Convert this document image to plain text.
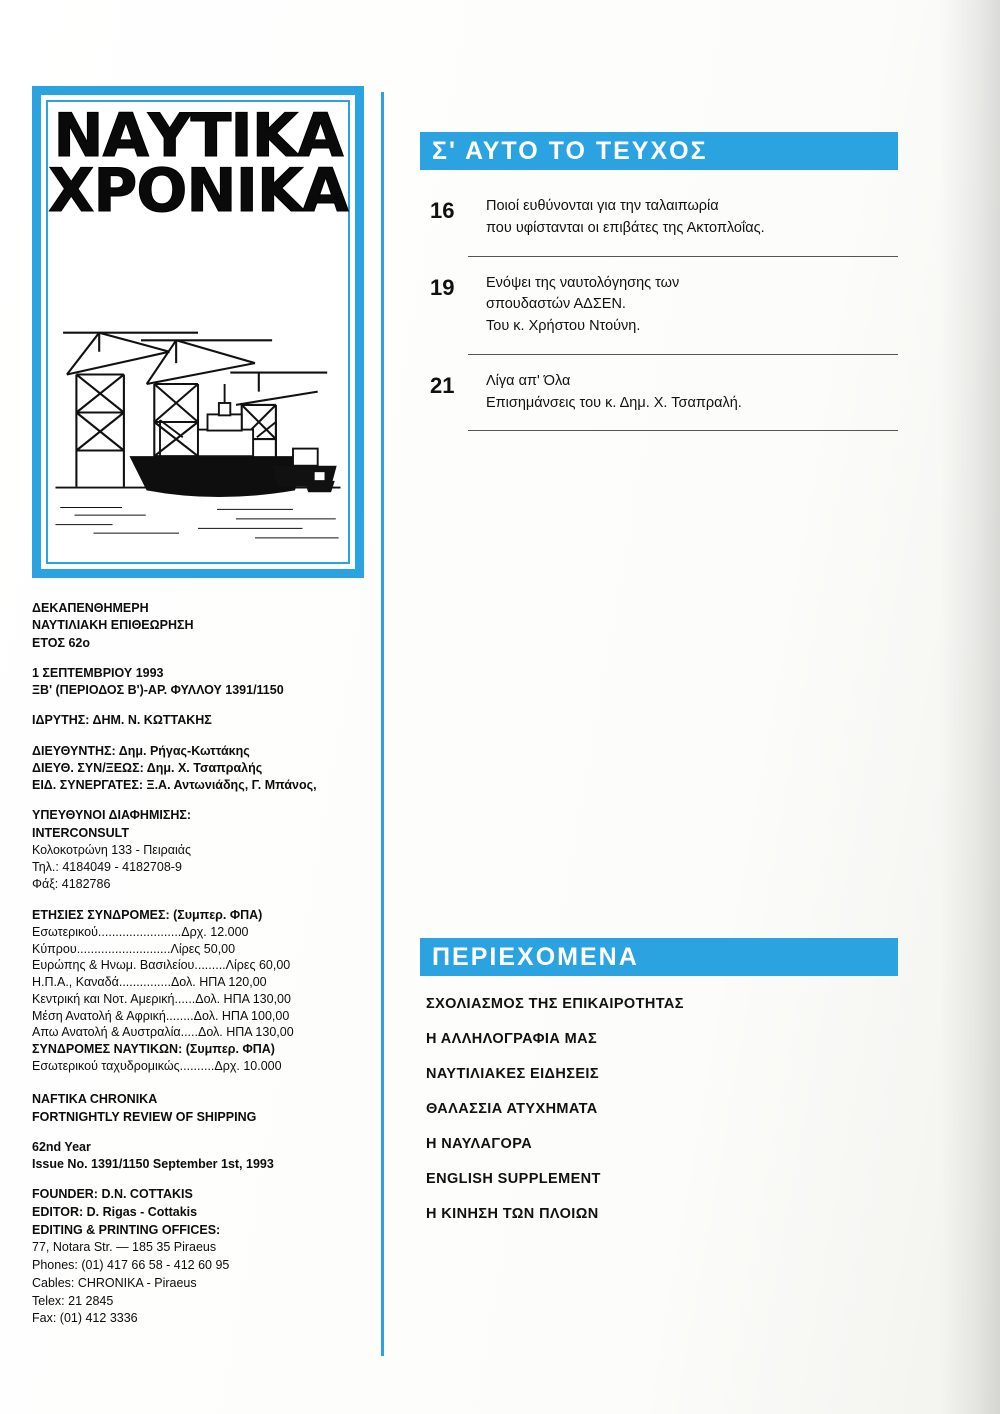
ΝΑΥΤΙΚΑ
ΧΡΟΝΙΚΑ
ΔΕΚΑΠΕΝΘΗΜΕΡΗ
ΝΑΥΤΙΛΙΑΚΗ ΕΠΙΘΕΩΡΗΣΗ
ΕΤΟΣ 62ο
1 ΣΕΠΤΕΜΒΡΙΟΥ 1993
ΞΒ' (ΠΕΡΙΟΔΟΣ Β')-ΑΡ. ΦΥΛΛΟΥ 1391/1150
ΙΔΡΥΤΗΣ: ΔΗΜ. Ν. ΚΩΤΤΑΚΗΣ
ΔΙΕΥΘΥΝΤΗΣ: Δημ. Ρήγας-Κωττάκης
ΔΙΕΥΘ. ΣΥΝ/ΞΕΩΣ: Δημ. Χ. Τσαπραλής
ΕΙΔ. ΣΥΝΕΡΓΑΤΕΣ: Ξ.Α. Αντωνιάδης, Γ. Μπάνος,
ΥΠΕΥΘΥΝΟΙ ΔΙΑΦΗΜΙΣΗΣ:
INTERCONSULT
Κολοκοτρώνη 133 - Πειραιάς
Τηλ.: 4184049 - 4182708-9
Φάξ: 4182786
ΕΤΗΣΙΕΣ ΣΥΝΔΡΟΜΕΣ: (Συμπερ. ΦΠΑ)
Εσωτερικού........................Δρχ. 12.000
Κύπρου...........................Λίρες 50,00
Ευρώπης & Ηνωμ. Βασιλείου.........Λίρες 60,00
Η.Π.Α., Καναδά...............Δολ. ΗΠΑ 120,00
Κεντρική και Νοτ. Αμερική......Δολ. ΗΠΑ 130,00
Μέση Ανατολή & Αφρική........Δολ. ΗΠΑ 100,00
Απω Ανατολή & Αυστραλία.....Δολ. ΗΠΑ 130,00
ΣΥΝΔΡΟΜΕΣ ΝΑΥΤΙΚΩΝ: (Συμπερ. ΦΠΑ)
Εσωτερικού ταχυδρομικώς..........Δρχ. 10.000
NAFTIKA CHRONIKA
FORTNIGHTLY REVIEW OF SHIPPING
62nd Year
Issue No. 1391/1150 September 1st, 1993
FOUNDER: D.N. COTTAKIS
EDITOR: D. Rigas - Cottakis
EDITING & PRINTING OFFICES:
77, Notara Str. — 185 35 Piraeus
Phones: (01) 417 66 58 - 412 60 95
Cables: CHRONIKA - Piraeus
Telex: 21 2845
Fax: (01) 412 3336
Σ' ΑΥΤΟ ΤΟ ΤΕΥΧΟΣ
16	Ποιοί ευθύνονται για την ταλαιπωρία
που υφίστανται οι επιβάτες της Ακτοπλοΐας.
19	Ενόψει της ναυτολόγησης των
σπουδαστών ΑΔΣΕΝ.
Του κ. Χρήστου Ντούνη.
21	Λίγα απ' Όλα
Επισημάνσεις του κ. Δημ. Χ. Τσαπραλή.
ΠΕΡΙΕΧΟΜΕΝΑ
ΣΧΟΛΙΑΣΜΟΣ ΤΗΣ ΕΠΙΚΑΙΡΟΤΗΤΑΣ
Η ΑΛΛΗΛΟΓΡΑΦΙΑ ΜΑΣ
ΝΑΥΤΙΛΙΑΚΕΣ ΕΙΔΗΣΕΙΣ
ΘΑΛΑΣΣΙΑ ΑΤΥΧΗΜΑΤΑ
Η ΝΑΥΛΑΓΟΡΑ
ENGLISH SUPPLEMENT
Η ΚΙΝΗΣΗ ΤΩΝ ΠΛΟΙΩΝ
